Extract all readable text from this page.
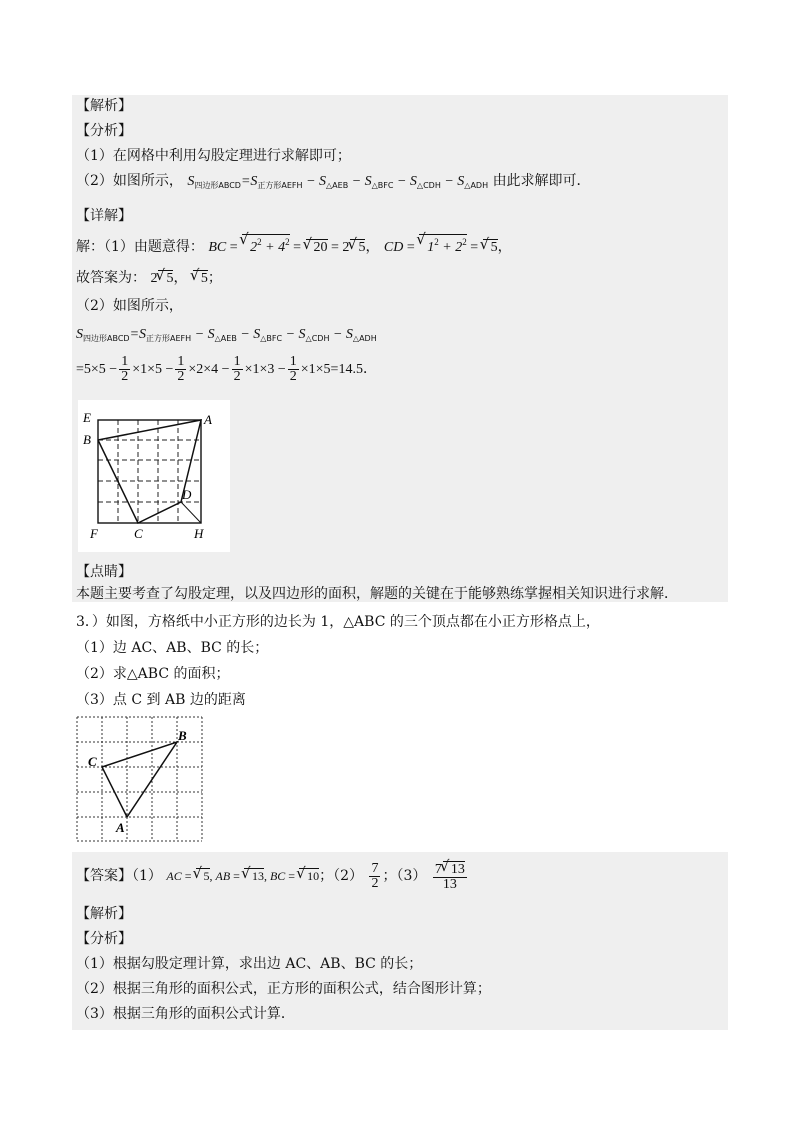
【解析】
【分析】
（1）在网格中利用勾股定理进行求解即可；
（2）如图所示， $S_{四边形ABCD}=S_{正方形AEFH} - S_{\triangle AEB} - S_{\triangle BFC} - S_{\triangle CDH} - S_{\triangle ADH}$ 由此求解即可．
【详解】
解：（1）由题意得： BC = √ $2^2 + 4^2$ = √ 20 = 2 √ 5， CD = √ $1^2 + 2^2$ = √ 5，
故答案为： 2 √ 5， √ 5；
（2）如图所示，
$S_{四边形ABCD}=S_{正方形AEFH} - S_{\triangle AEB} - S_{\triangle BFC} - S_{\triangle CDH} - S_{\triangle ADH}$
$=5\times 5 - \frac{1}{2} \times 1\times 5 - \frac{1}{2} \times 2\times 4 - \frac{1}{2} \times 1\times 3 - \frac{1}{2} \times 1\times 5=14.5$．
E	A
B
D
F	C	H
【点睛】
本题主要考查了勾股定理，以及四边形的面积，解题的关键在于能够熟练掌握相关知识进行求解．
3．）如图，方格纸中小正方形的边长为 1，△ABC 的三个顶点都在小正方形格点上，
（1）边 AC、AB、BC 的长；
（2）求△ABC 的面积；
（3）点 C 到 AB 边的距离
B
C
A
【答案】（1） AC = √ 5, AB = √ 13, BC = √ 10；$(2) \frac{7}{2}$ ；$(3) \frac{7 √ 13}{13}$
【解析】
【分析】
（1）根据勾股定理计算，求出边 AC、AB、BC 的长；
（2）根据三角形的面积公式，正方形的面积公式，结合图形计算；
（3）根据三角形的面积公式计算．
